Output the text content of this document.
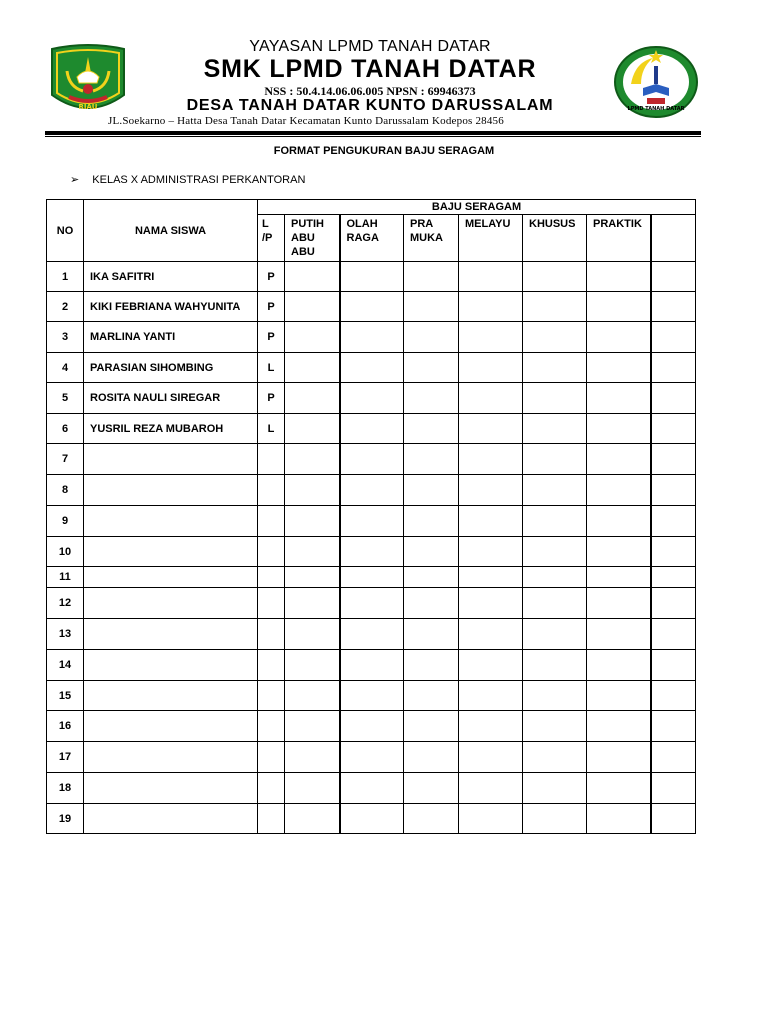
RIAU	LPMD TANAH DATAR
YAYASAN LPMD TANAH DATAR
SMK LPMD TANAH DATAR
NSS : 50.4.14.06.06.005 NPSN : 69946373
DESA TANAH DATAR KUNTO DARUSSALAM
JL.Soekarno – Hatta Desa Tanah Datar Kecamatan Kunto Darussalam Kodepos 28456
FORMAT PENGUKURAN BAJU SERAGAM
➢ KELAS X ADMINISTRASI PERKANTORAN
NO	NAMA SISWA	BAJU SERAGAM							
		L /P	PUTIH ABU ABU	OLAH RAGA	PRA MUKA	MELAYU	KHUSUS	PRAKTIK	
1	IKA SAFITRI	P							
2	KIKI FEBRIANA WAHYUNITA	P							
3	MARLINA YANTI	P							
4	PARASIAN SIHOMBING	L							
5	ROSITA NAULI SIREGAR	P							
6	YUSRIL REZA MUBAROH	L							
7									
8									
9									
10									
11									
12									
13									
14									
15									
16									
17									
18									
19									
